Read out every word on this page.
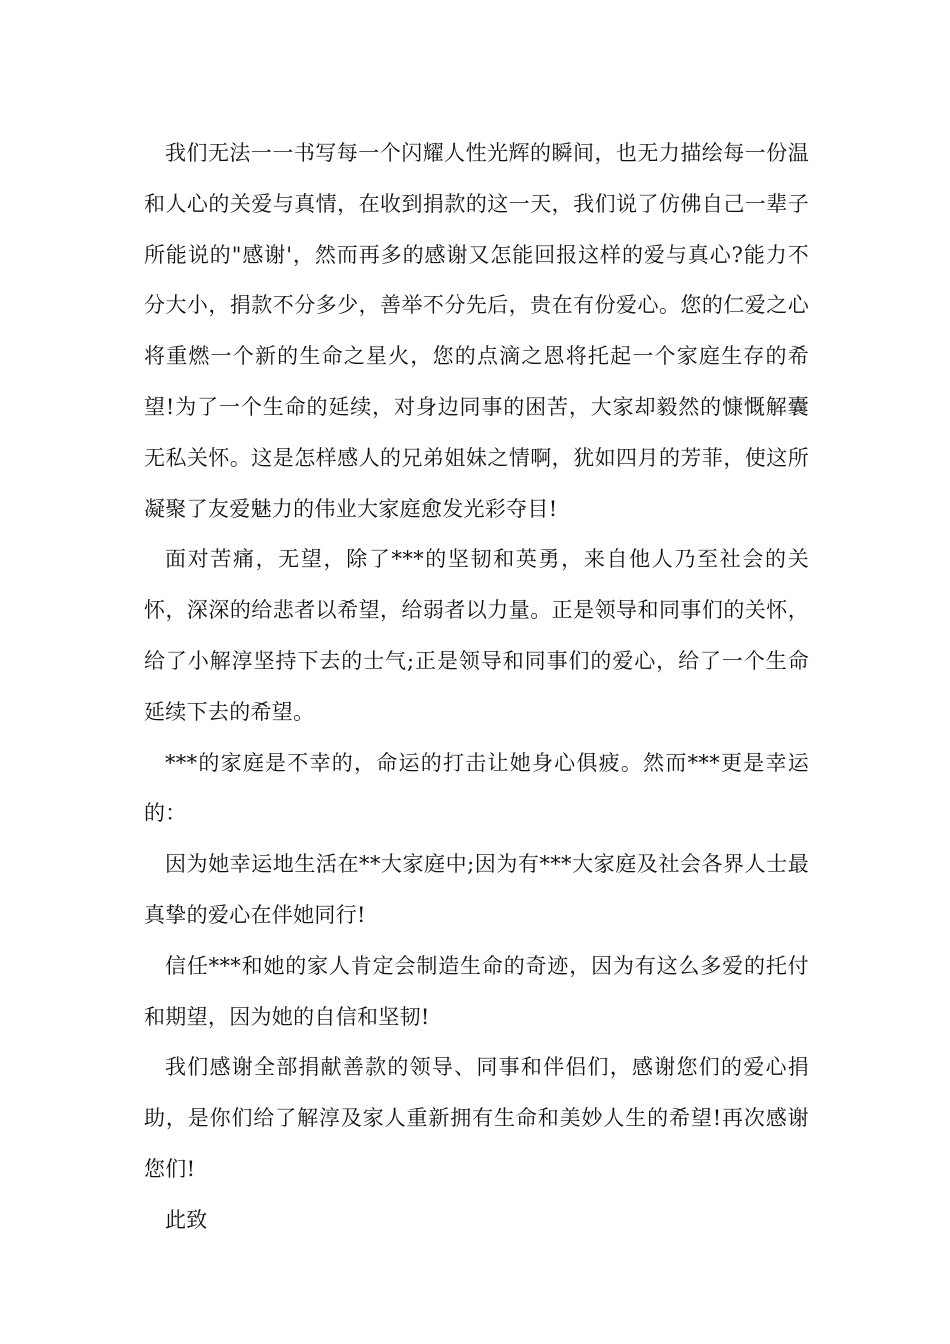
我们无法一一书写每一个闪耀人性光辉的瞬间，也无力描绘每一份温和人心的关爱与真情，在收到捐款的这一天，我们说了仿佛自己一辈子所能说的"感谢'，然而再多的感谢又怎能回报这样的爱与真心?能力不分大小，捐款不分多少，善举不分先后，贵在有份爱心。您的仁爱之心将重燃一个新的生命之星火，您的点滴之恩将托起一个家庭生存的希望!为了一个生命的延续，对身边同事的困苦，大家却毅然的慷慨解囊无私关怀。这是怎样感人的兄弟姐妹之情啊，犹如四月的芳菲，使这所凝聚了友爱魅力的伟业大家庭愈发光彩夺目!

面对苦痛，无望，除了***的坚韧和英勇，来自他人乃至社会的关怀，深深的给悲者以希望，给弱者以力量。正是领导和同事们的关怀，给了小解淳坚持下去的士气;正是领导和同事们的爱心，给了一个生命延续下去的希望。

***的家庭是不幸的，命运的打击让她身心俱疲。然而***更是幸运的：

因为她幸运地生活在**大家庭中;因为有***大家庭及社会各界人士最真挚的爱心在伴她同行!

信任***和她的家人肯定会制造生命的奇迹，因为有这么多爱的托付和期望，因为她的自信和坚韧!

我们感谢全部捐献善款的领导、同事和伴侣们，感谢您们的爱心捐助，是你们给了解淳及家人重新拥有生命和美妙人生的希望!再次感谢您们!

此致
